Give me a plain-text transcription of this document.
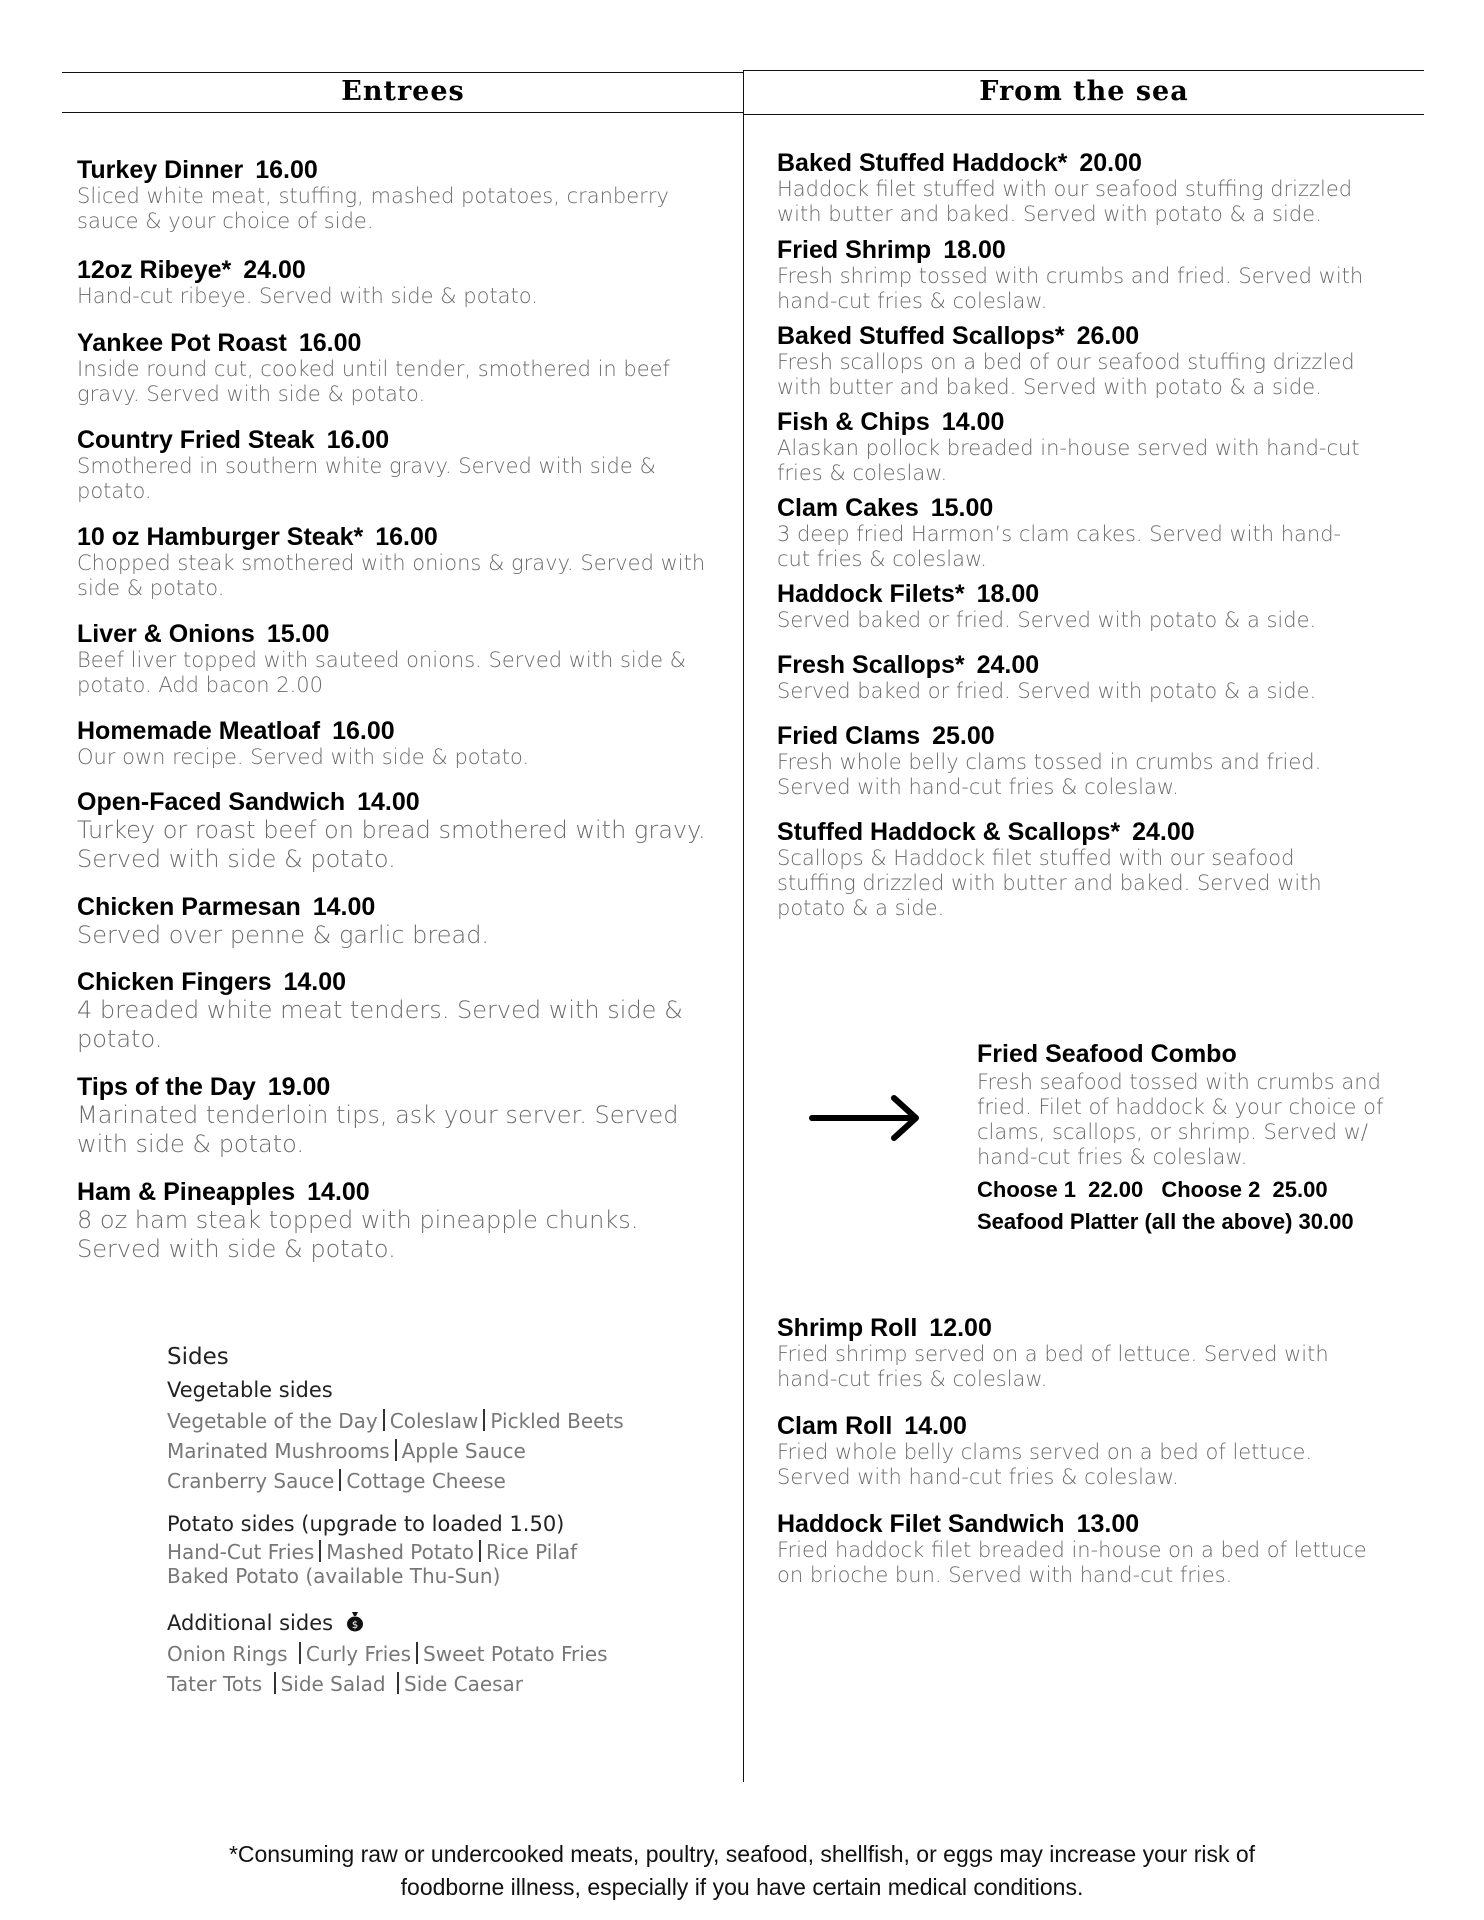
Entrees	From the sea
Turkey Dinner 16.00
Sliced white meat, stuffing, mashed potatoes, cranberry sauce & your choice of side.
12oz Ribeye* 24.00
Hand-cut ribeye. Served with side & potato.
Yankee Pot Roast 16.00
Inside round cut, cooked until tender, smothered in beef gravy. Served with side & potato.
Country Fried Steak 16.00
Smothered in southern white gravy. Served with side & potato.
10 oz Hamburger Steak* 16.00
Chopped steak smothered with onions & gravy. Served with side & potato.
Liver & Onions 15.00
Beef liver topped with sauteed onions. Served with side & potato. Add bacon 2.00
Homemade Meatloaf 16.00
Our own recipe. Served with side & potato.
Open-Faced Sandwich 14.00
Turkey or roast beef on bread smothered with gravy. Served with side & potato.
Chicken Parmesan 14.00
Served over penne & garlic bread.
Chicken Fingers 14.00
4 breaded white meat tenders. Served with side & potato.
Tips of the Day 19.00
Marinated tenderloin tips, ask your server. Served with side & potato.
Ham & Pineapples 14.00
8 oz ham steak topped with pineapple chunks. Served with side & potato.
Baked Stuffed Haddock* 20.00
Haddock filet stuffed with our seafood stuffing drizzled with butter and baked. Served with potato & a side.
Fried Shrimp 18.00
Fresh shrimp tossed with crumbs and fried. Served with hand-cut fries & coleslaw.
Baked Stuffed Scallops* 26.00
Fresh scallops on a bed of our seafood stuffing drizzled with butter and baked. Served with potato & a side.
Fish & Chips 14.00
Alaskan pollock breaded in-house served with hand-cut fries & coleslaw.
Clam Cakes 15.00
3 deep fried Harmon’s clam cakes. Served with hand-cut fries & coleslaw.
Haddock Filets* 18.00
Served baked or fried. Served with potato & a side.
Fresh Scallops* 24.00
Served baked or fried. Served with potato & a side.
Fried Clams 25.00
Fresh whole belly clams tossed in crumbs and fried. Served with hand-cut fries & coleslaw.
Stuffed Haddock & Scallops* 24.00
Scallops & Haddock filet stuffed with our seafood stuffing drizzled with butter and baked. Served with potato & a side.
Fried Seafood Combo
Fresh seafood tossed with crumbs and fried. Filet of haddock & your choice of clams, scallops, or shrimp. Served w/ hand-cut fries & coleslaw.
Choose 1 22.00 Choose 2 25.00
Seafood Platter (all the above) 30.00
Shrimp Roll 12.00
Fried shrimp served on a bed of lettuce. Served with hand-cut fries & coleslaw.
Clam Roll 14.00
Fried whole belly clams served on a bed of lettuce. Served with hand-cut fries & coleslaw.
Haddock Filet Sandwich 13.00
Fried haddock filet breaded in-house on a bed of lettuce on brioche bun. Served with hand-cut fries.
Sides
Vegetable sides
Vegetable of the Day Coleslaw Pickled Beets
Marinated Mushrooms Apple Sauce
Cranberry Sauce Cottage Cheese
Potato sides (upgrade to loaded 1.50)
Hand-Cut Fries Mashed Potato Rice Pilaf
Baked Potato (available Thu-Sun)
Additional sides $
Onion Rings Curly Fries Sweet Potato Fries
Tater Tots Side Salad Side Caesar
*Consuming raw or undercooked meats, poultry, seafood, shellfish, or eggs may increase your risk of
foodborne illness, especially if you have certain medical conditions.
